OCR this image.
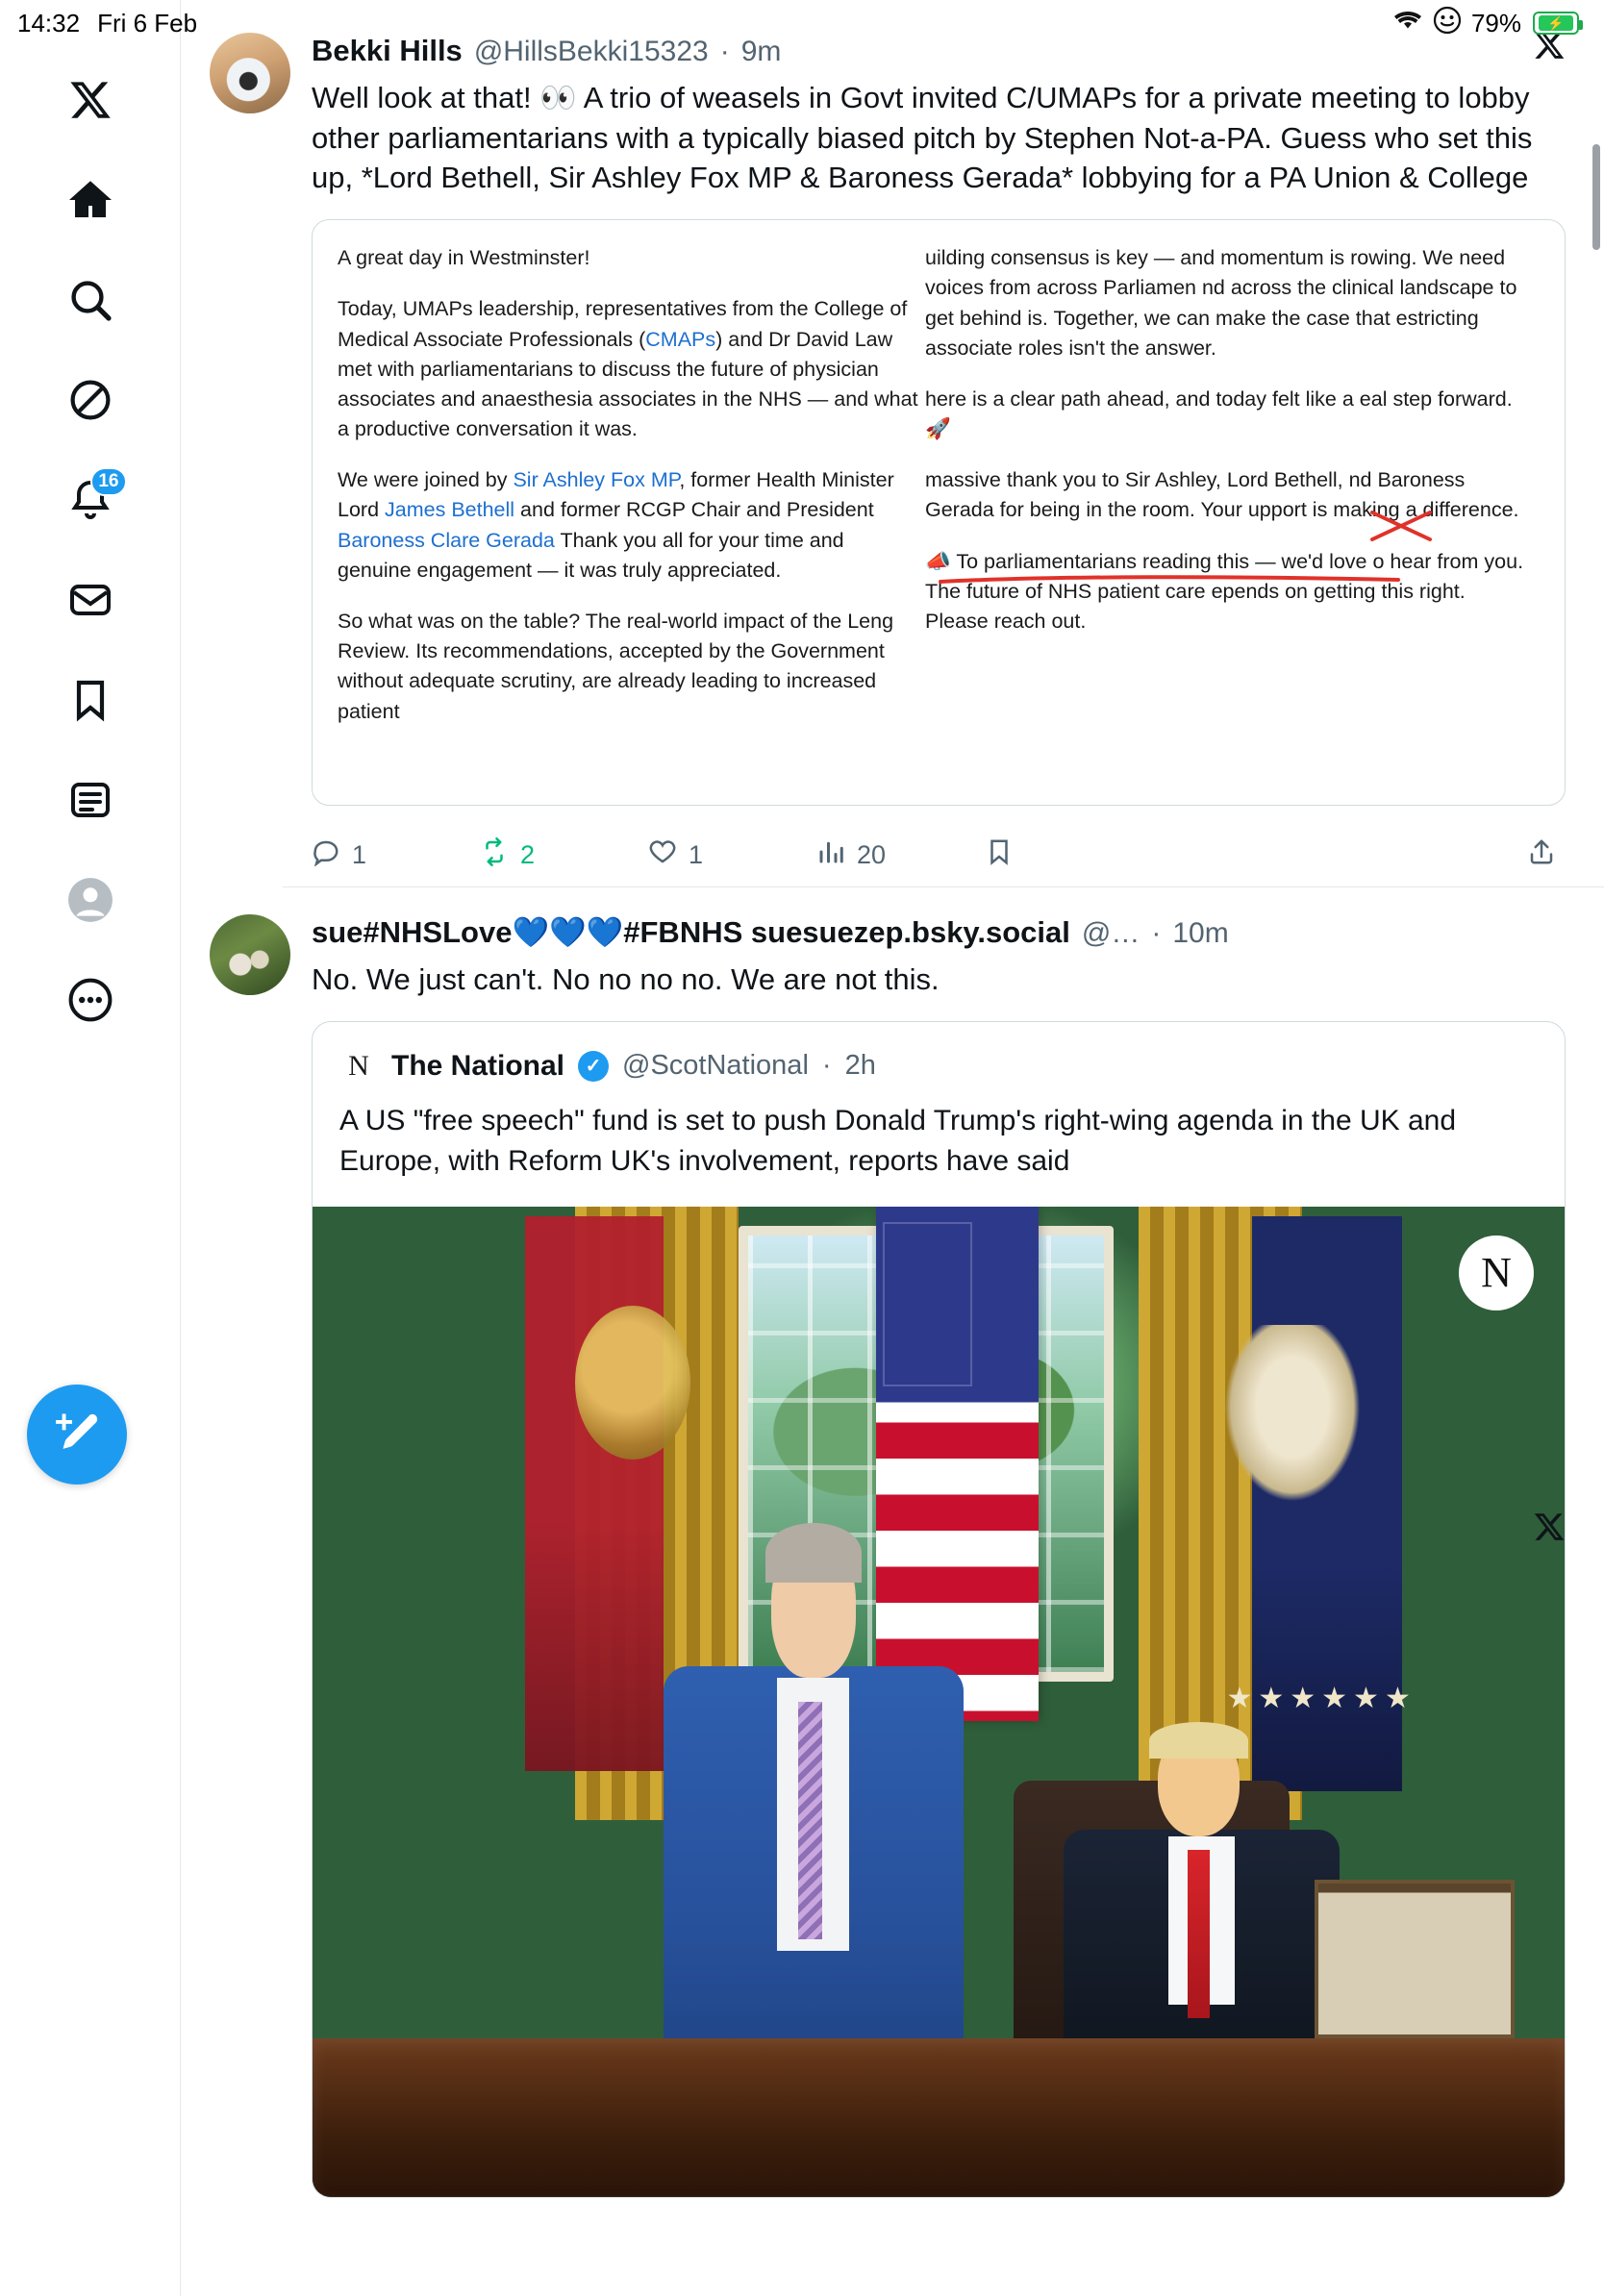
14:32 Fri 6 Feb	79%	⚡
16
Bekki Hills @HillsBekki15323 · 9m
Well look at that! 👀 A trio of weasels in Govt invited C/UMAPs for a private meeting to lobby other parliamentarians with a typically biased pitch by Stephen Not-a-PA. Guess who set this up, *Lord Bethell, Sir Ashley Fox MP & Baroness Gerada* lobbying for a PA Union & College

A great day in Westminster!

Today, UMAPs leadership, representatives from the College of Medical Associate Professionals (CMAPs) and Dr David Law met with parliamentarians to discuss the future of physician associates and anaesthesia associates in the NHS — and what a productive conversation it was.

We were joined by Sir Ashley Fox MP, former Health Minister Lord James Bethell and former RCGP Chair and President Baroness Clare Gerada Thank you all for your time and genuine engagement — it was truly appreciated.

So what was on the table? The real-world impact of the Leng Review. Its recommendations, accepted by the Government without adequate scrutiny, are already leading to increased patient

uilding consensus is key — and momentum is rowing. We need voices from across Parliamen nd across the clinical landscape to get behind is. Together, we can make the case that estricting associate roles isn't the answer.

here is a clear path ahead, and today felt like a eal step forward. 🚀

massive thank you to Sir Ashley, Lord Bethell, nd Baroness Gerada for being in the room. Your upport is making a difference.

📣 To parliamentarians reading this — we'd love o hear from you. The future of NHS patient care epends on getting this right. Please reach out.

1	2	1	20
sue#NHSLove💙💙💙#FBNHS suesuezep.bsky.social @… · 10m
No. We just can't. No no no no. We are not this.
N The National	✓ @ScotNational · 2h
A US "free speech" fund is set to push Donald Trump's right-wing agenda in the UK and Europe, with Reform UK's involvement, reports have said
★★★★★★
N
